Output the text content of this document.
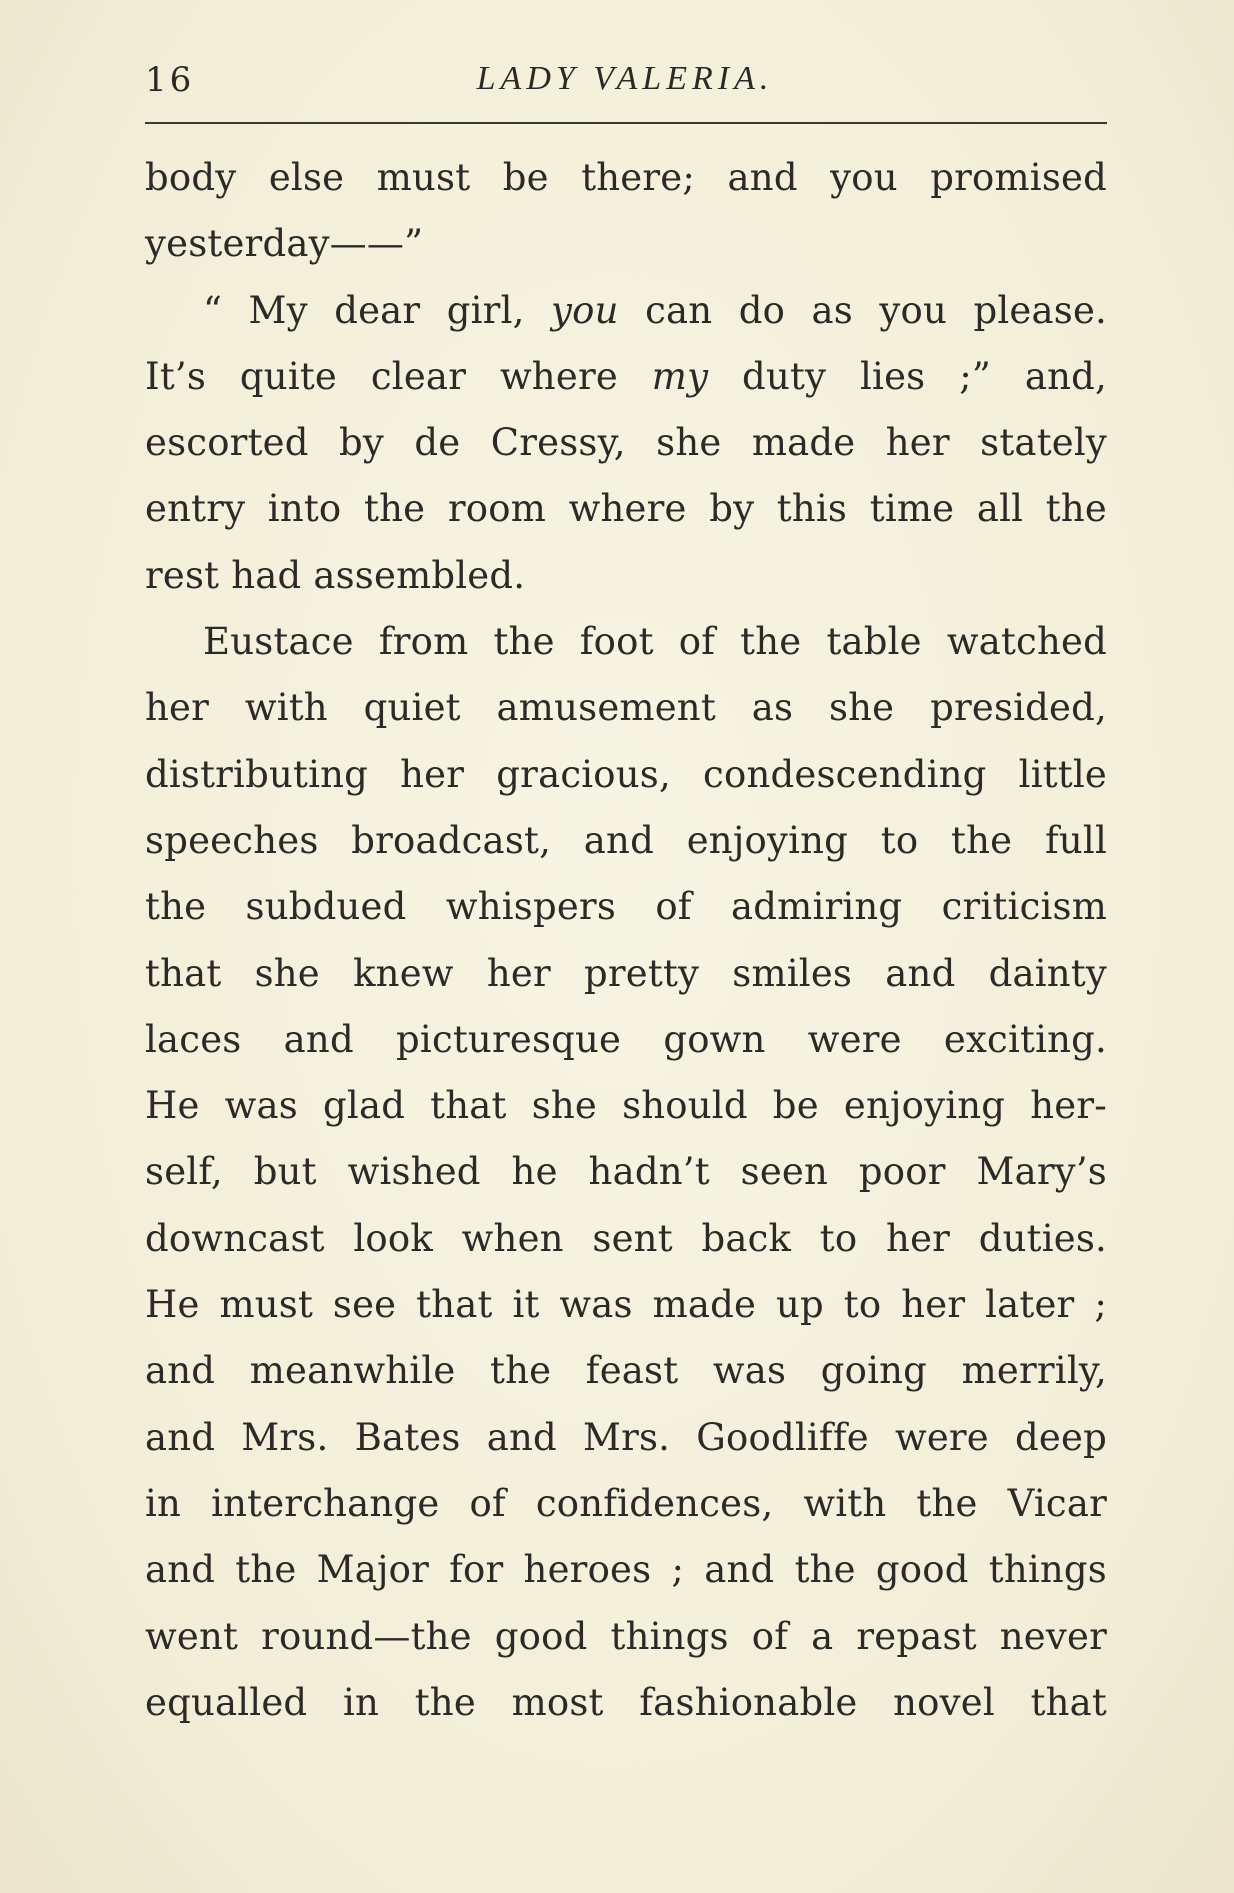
16	LADY VALERIA.
body else must be there; and you promised
yesterday——”
“ My dear girl, you can do as you please.
It’s quite clear where my duty lies ;” and,
escorted by de Cressy, she made her stately
entry into the room where by this time all the
rest had assembled.
Eustace from the foot of the table watched
her with quiet amusement as she presided,
distributing her gracious, condescending little
speeches broadcast, and enjoying to the full
the subdued whispers of admiring criticism
that she knew her pretty smiles and dainty
laces and picturesque gown were exciting.
He was glad that she should be enjoying her-
self, but wished he hadn’t seen poor Mary’s
downcast look when sent back to her duties.
He must see that it was made up to her later ;
and meanwhile the feast was going merrily,
and Mrs. Bates and Mrs. Goodliffe were deep
in interchange of confidences, with the Vicar
and the Major for heroes ; and the good things
went round—the good things of a repast never
equalled in the most fashionable novel that
